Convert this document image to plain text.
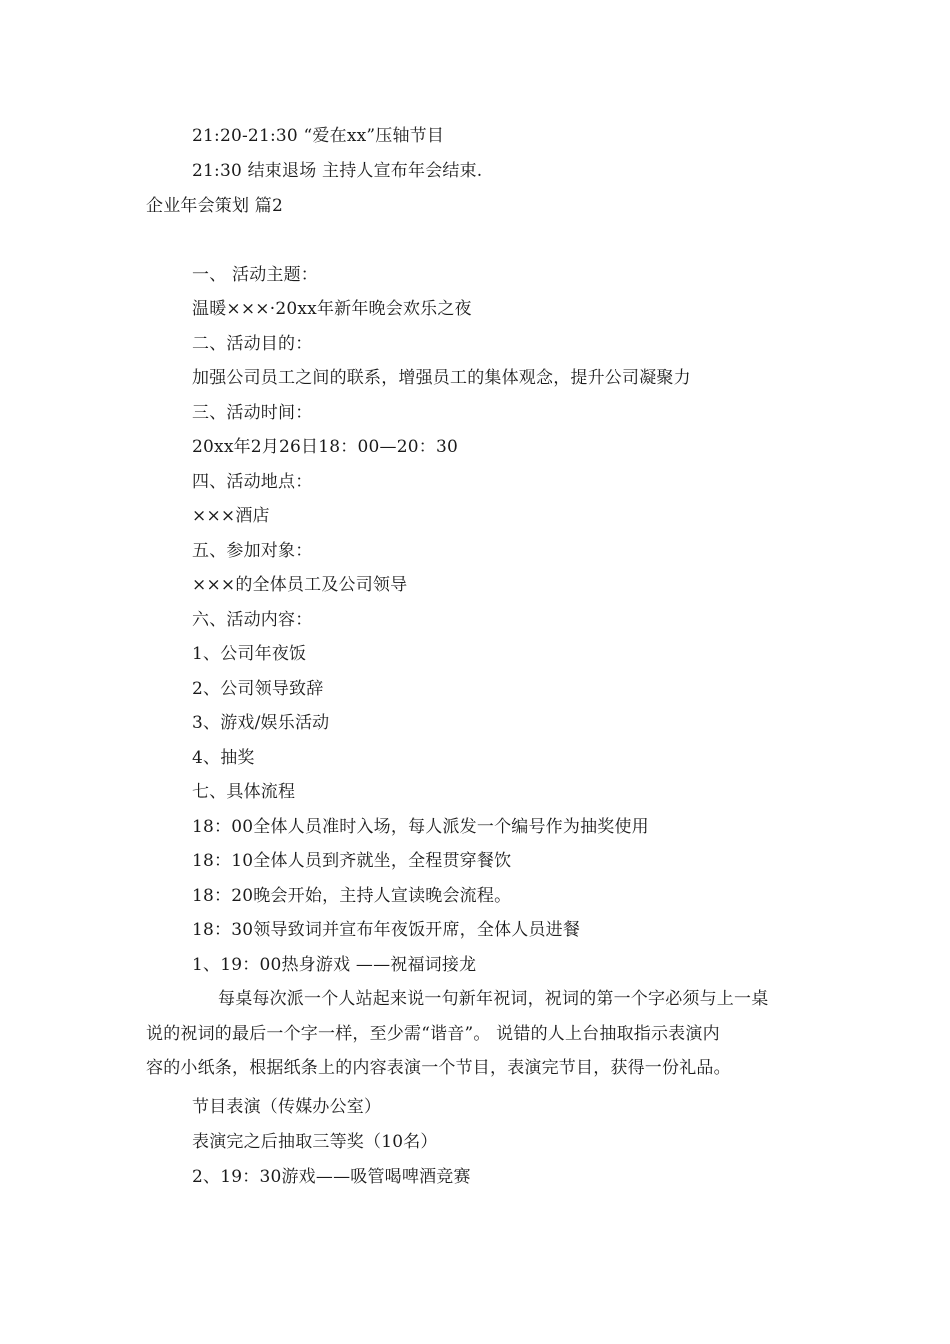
21:20-21:30 “爱在xx”压轴节目
21:30 结束退场 主持人宣布年会结束.
企业年会策划 篇2
一、 活动主题：
温暖×××·20xx年新年晚会欢乐之夜
二、活动目的：
加强公司员工之间的联系，增强员工的集体观念，提升公司凝聚力
三、活动时间：
20xx年2月26日18：00—20：30
四、活动地点：
×××酒店
五、参加对象：
×××的全体员工及公司领导
六、活动内容：
1、公司年夜饭
2、公司领导致辞
3、游戏/娱乐活动
4、抽奖
七、具体流程
18：00全体人员准时入场，每人派发一个编号作为抽奖使用
18：10全体人员到齐就坐，全程贯穿餐饮
18：20晚会开始，主持人宣读晚会流程。
18：30领导致词并宣布年夜饭开席，全体人员进餐
1、19：00热身游戏 ——祝福词接龙
每桌每次派一个人站起来说一句新年祝词，祝词的第一个字必须与上一桌
说的祝词的最后一个字一样，至少需“谐音”。 说错的人上台抽取指示表演内
容的小纸条，根据纸条上的内容表演一个节目，表演完节目，获得一份礼品。
节目表演（传媒办公室）
表演完之后抽取三等奖（10名）
2、19：30游戏——吸管喝啤酒竞赛
